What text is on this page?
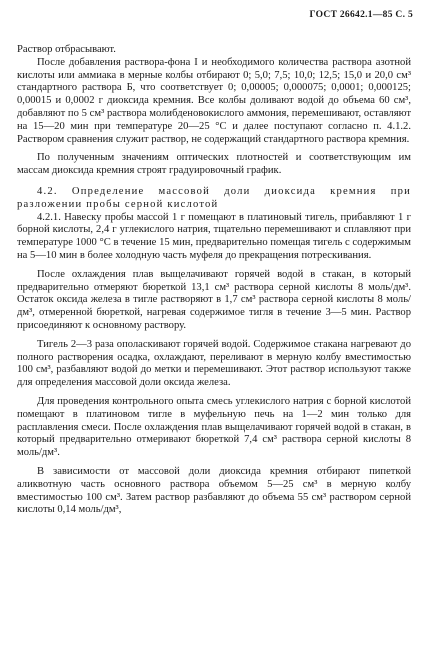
ГОСТ 26642.1—85 С. 5

Раствор отбрасывают.

После добавления раствора-фона I и необходимого количества раствора азотной кислоты или аммиака в мерные колбы отбирают 0; 5,0; 7,5; 10,0; 12,5; 15,0 и 20,0 см³ стандартного раствора Б, что соответствует 0; 0,00005; 0,000075; 0,0001; 0,000125; 0,00015 и 0,0002 г диоксида кремния. Все колбы доливают водой до объема 60 см³, добавляют по 5 см³ раствора молибденовокислого аммония, перемешивают, оставляют на 15—20 мин при температуре 20—25 °С и далее поступают согласно п. 4.1.2. Раствором сравнения служит раствор, не содержащий стандартного раствора кремния.

По полученным значениям оптических плотностей и соответствующим им массам диоксида кремния строят градуировочный график.

4.2. Определение массовой доли диоксида кремния при разложении пробы серной кислотой

4.2.1. Навеску пробы массой 1 г помещают в платиновый тигель, прибавляют 1 г борной кислоты, 2,4 г углекислого натрия, тщательно перемешивают и сплавляют при температуре 1000 °С в течение 15 мин, предварительно помещая тигель с содержимым на 5—10 мин в более холодную часть муфеля до прекращения потрескивания.

После охлаждения плав выщелачивают горячей водой в стакан, в который предварительно отмеряют бюреткой 13,1 см³ раствора серной кислоты 8 моль/дм³. Остаток оксида железа в тигле растворяют в 1,7 см³ раствора серной кислоты 8 моль/дм³, отмеренной бюреткой, нагревая содержимое тигля в течение 3—5 мин. Раствор присоединяют к основному раствору.

Тигель 2—3 раза ополаскивают горячей водой. Содержимое стакана нагревают до полного растворения осадка, охлаждают, переливают в мерную колбу вместимостью 100 см³, разбавляют водой до метки и перемешивают. Этот раствор используют также для определения массовой доли оксида железа.

Для проведения контрольного опыта смесь углекислого натрия с борной кислотой помещают в платиновом тигле в муфельную печь на 1—2 мин только для расплавления смеси. После охлаждения плав выщелачивают горячей водой в стакан, в который предварительно отмеривают бюреткой 7,4 см³ раствора серной кислоты 8 моль/дм³.

В зависимости от массовой доли диоксида кремния отбирают пипеткой аликвотную часть основного раствора объемом 5—25 см³ в мерную колбу вместимостью 100 см³. Затем раствор разбавляют до объема 55 см³ раствором серной кислоты 0,14 моль/дм³,
